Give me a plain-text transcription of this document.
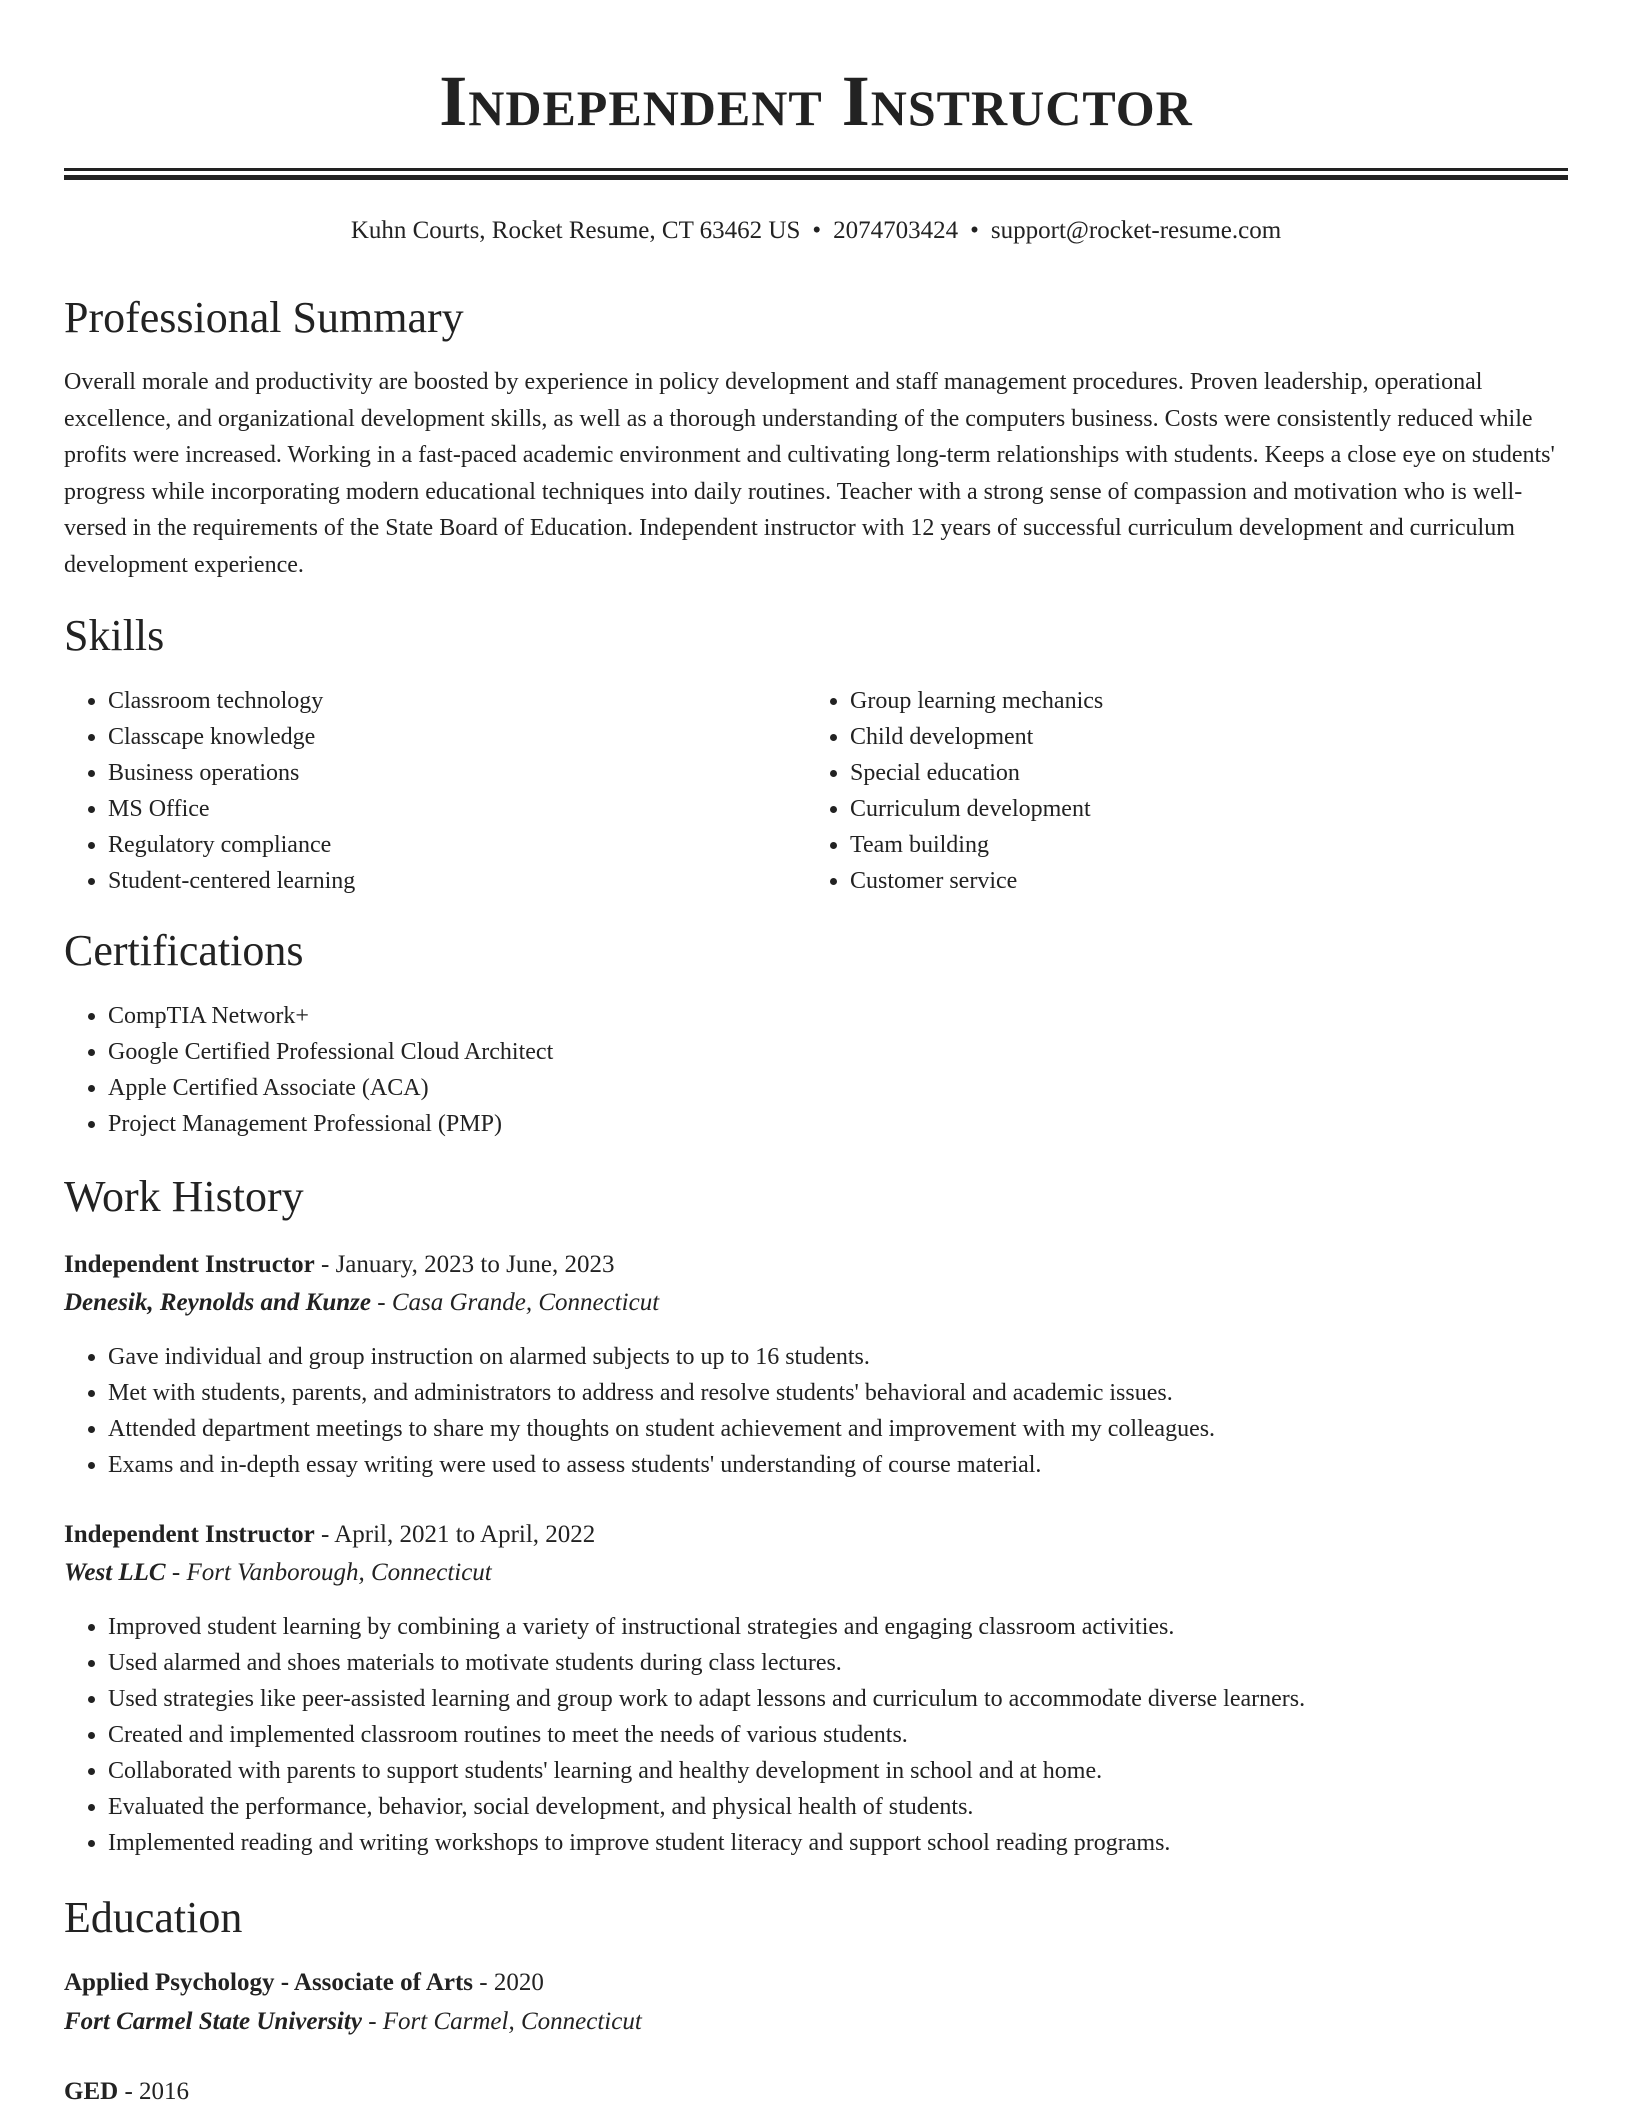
Independent Instructor
Kuhn Courts, Rocket Resume, CT 63462 US • 2074703424 • support@rocket-resume.com
Professional Summary

Overall morale and productivity are boosted by experience in policy development and staff management procedures. Proven leadership, operational excellence, and organizational development skills, as well as a thorough understanding of the computers business. Costs were consistently reduced while profits were increased. Working in a fast-paced academic environment and cultivating long-term relationships with students. Keeps a close eye on students' progress while incorporating modern educational techniques into daily routines. Teacher with a strong sense of compassion and motivation who is well-versed in the requirements of the State Board of Education. Independent instructor with 12 years of successful curriculum development and curriculum development experience.

Skills
• Classroom technology
• Classcape knowledge
• Business operations
• MS Office
• Regulatory compliance
• Student-centered learning
• Group learning mechanics
• Child development
• Special education
• Curriculum development
• Team building
• Customer service
Certifications
• CompTIA Network+
• Google Certified Professional Cloud Architect
• Apple Certified Associate (ACA)
• Project Management Professional (PMP)
Work History
Independent Instructor - January, 2023 to June, 2023
Denesik, Reynolds and Kunze - Casa Grande, Connecticut
• Gave individual and group instruction on alarmed subjects to up to 16 students.
• Met with students, parents, and administrators to address and resolve students' behavioral and academic issues.
• Attended department meetings to share my thoughts on student achievement and improvement with my colleagues.
• Exams and in-depth essay writing were used to assess students' understanding of course material.
Independent Instructor - April, 2021 to April, 2022
West LLC - Fort Vanborough, Connecticut
• Improved student learning by combining a variety of instructional strategies and engaging classroom activities.
• Used alarmed and shoes materials to motivate students during class lectures.
• Used strategies like peer-assisted learning and group work to adapt lessons and curriculum to accommodate diverse learners.
• Created and implemented classroom routines to meet the needs of various students.
• Collaborated with parents to support students' learning and healthy development in school and at home.
• Evaluated the performance, behavior, social development, and physical health of students.
• Implemented reading and writing workshops to improve student literacy and support school reading programs.
Education
Applied Psychology - Associate of Arts - 2020
Fort Carmel State University - Fort Carmel, Connecticut
GED - 2016
